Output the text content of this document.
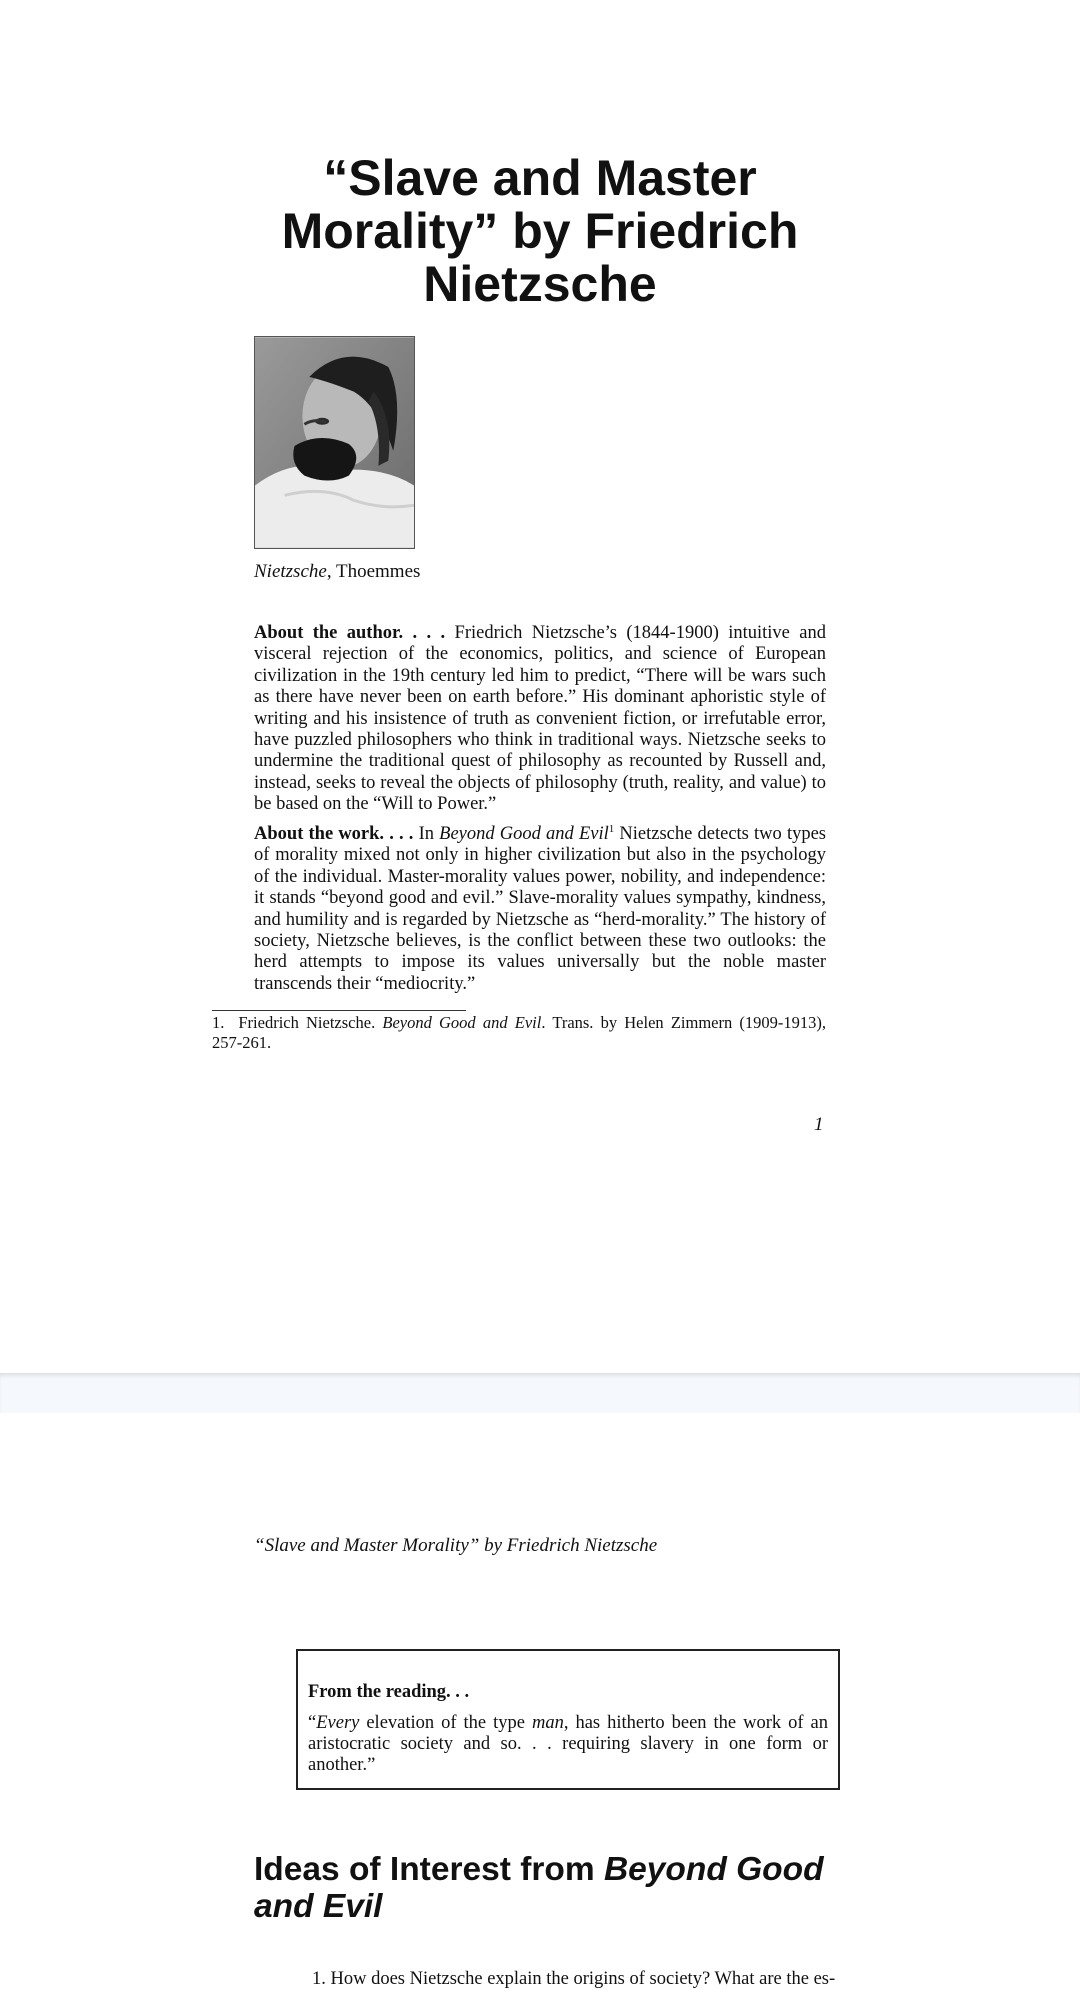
“Slave and Master
Morality” by Friedrich
Nietzsche
Nietzsche, Thoemmes

About the author. . . . Friedrich Nietzsche’s (1844-1900) intuitive and visceral rejection of the economics, politics, and science of European civilization in the 19th century led him to predict, “There will be wars such as there have never been on earth before.” His dominant aphoristic style of writing and his insistence of truth as convenient fiction, or irrefutable error, have puzzled philosophers who think in traditional ways. Nietzsche seeks to undermine the traditional quest of philosophy as recounted by Russell and, instead, seeks to reveal the objects of philosophy (truth, reality, and value) to be based on the “Will to Power.”

About the work. . . . In Beyond Good and Evil$^1$ Nietzsche detects two types of morality mixed not only in higher civilization but also in the psychology of the individual. Master-morality values power, nobility, and independence: it stands “beyond good and evil.” Slave-morality values sympathy, kindness, and humility and is regarded by Nietzsche as “herd-morality.” The history of society, Nietzsche believes, is the conflict between these two outlooks: the herd attempts to impose its values universally but the noble master transcends their “mediocrity.”

1. Friedrich Nietzsche. Beyond Good and Evil. Trans. by Helen Zimmern (1909-1913), 257-261.

1
“Slave and Master Morality” by Friedrich Nietzsche

From the reading. . .

“Every elevation of the type man, has hitherto been the work of an aristocratic society and so. . . requiring slavery in one form or another.”

Ideas of Interest from Beyond Good and Evil

1. How does Nietzsche explain the origins of society? What are the es-
